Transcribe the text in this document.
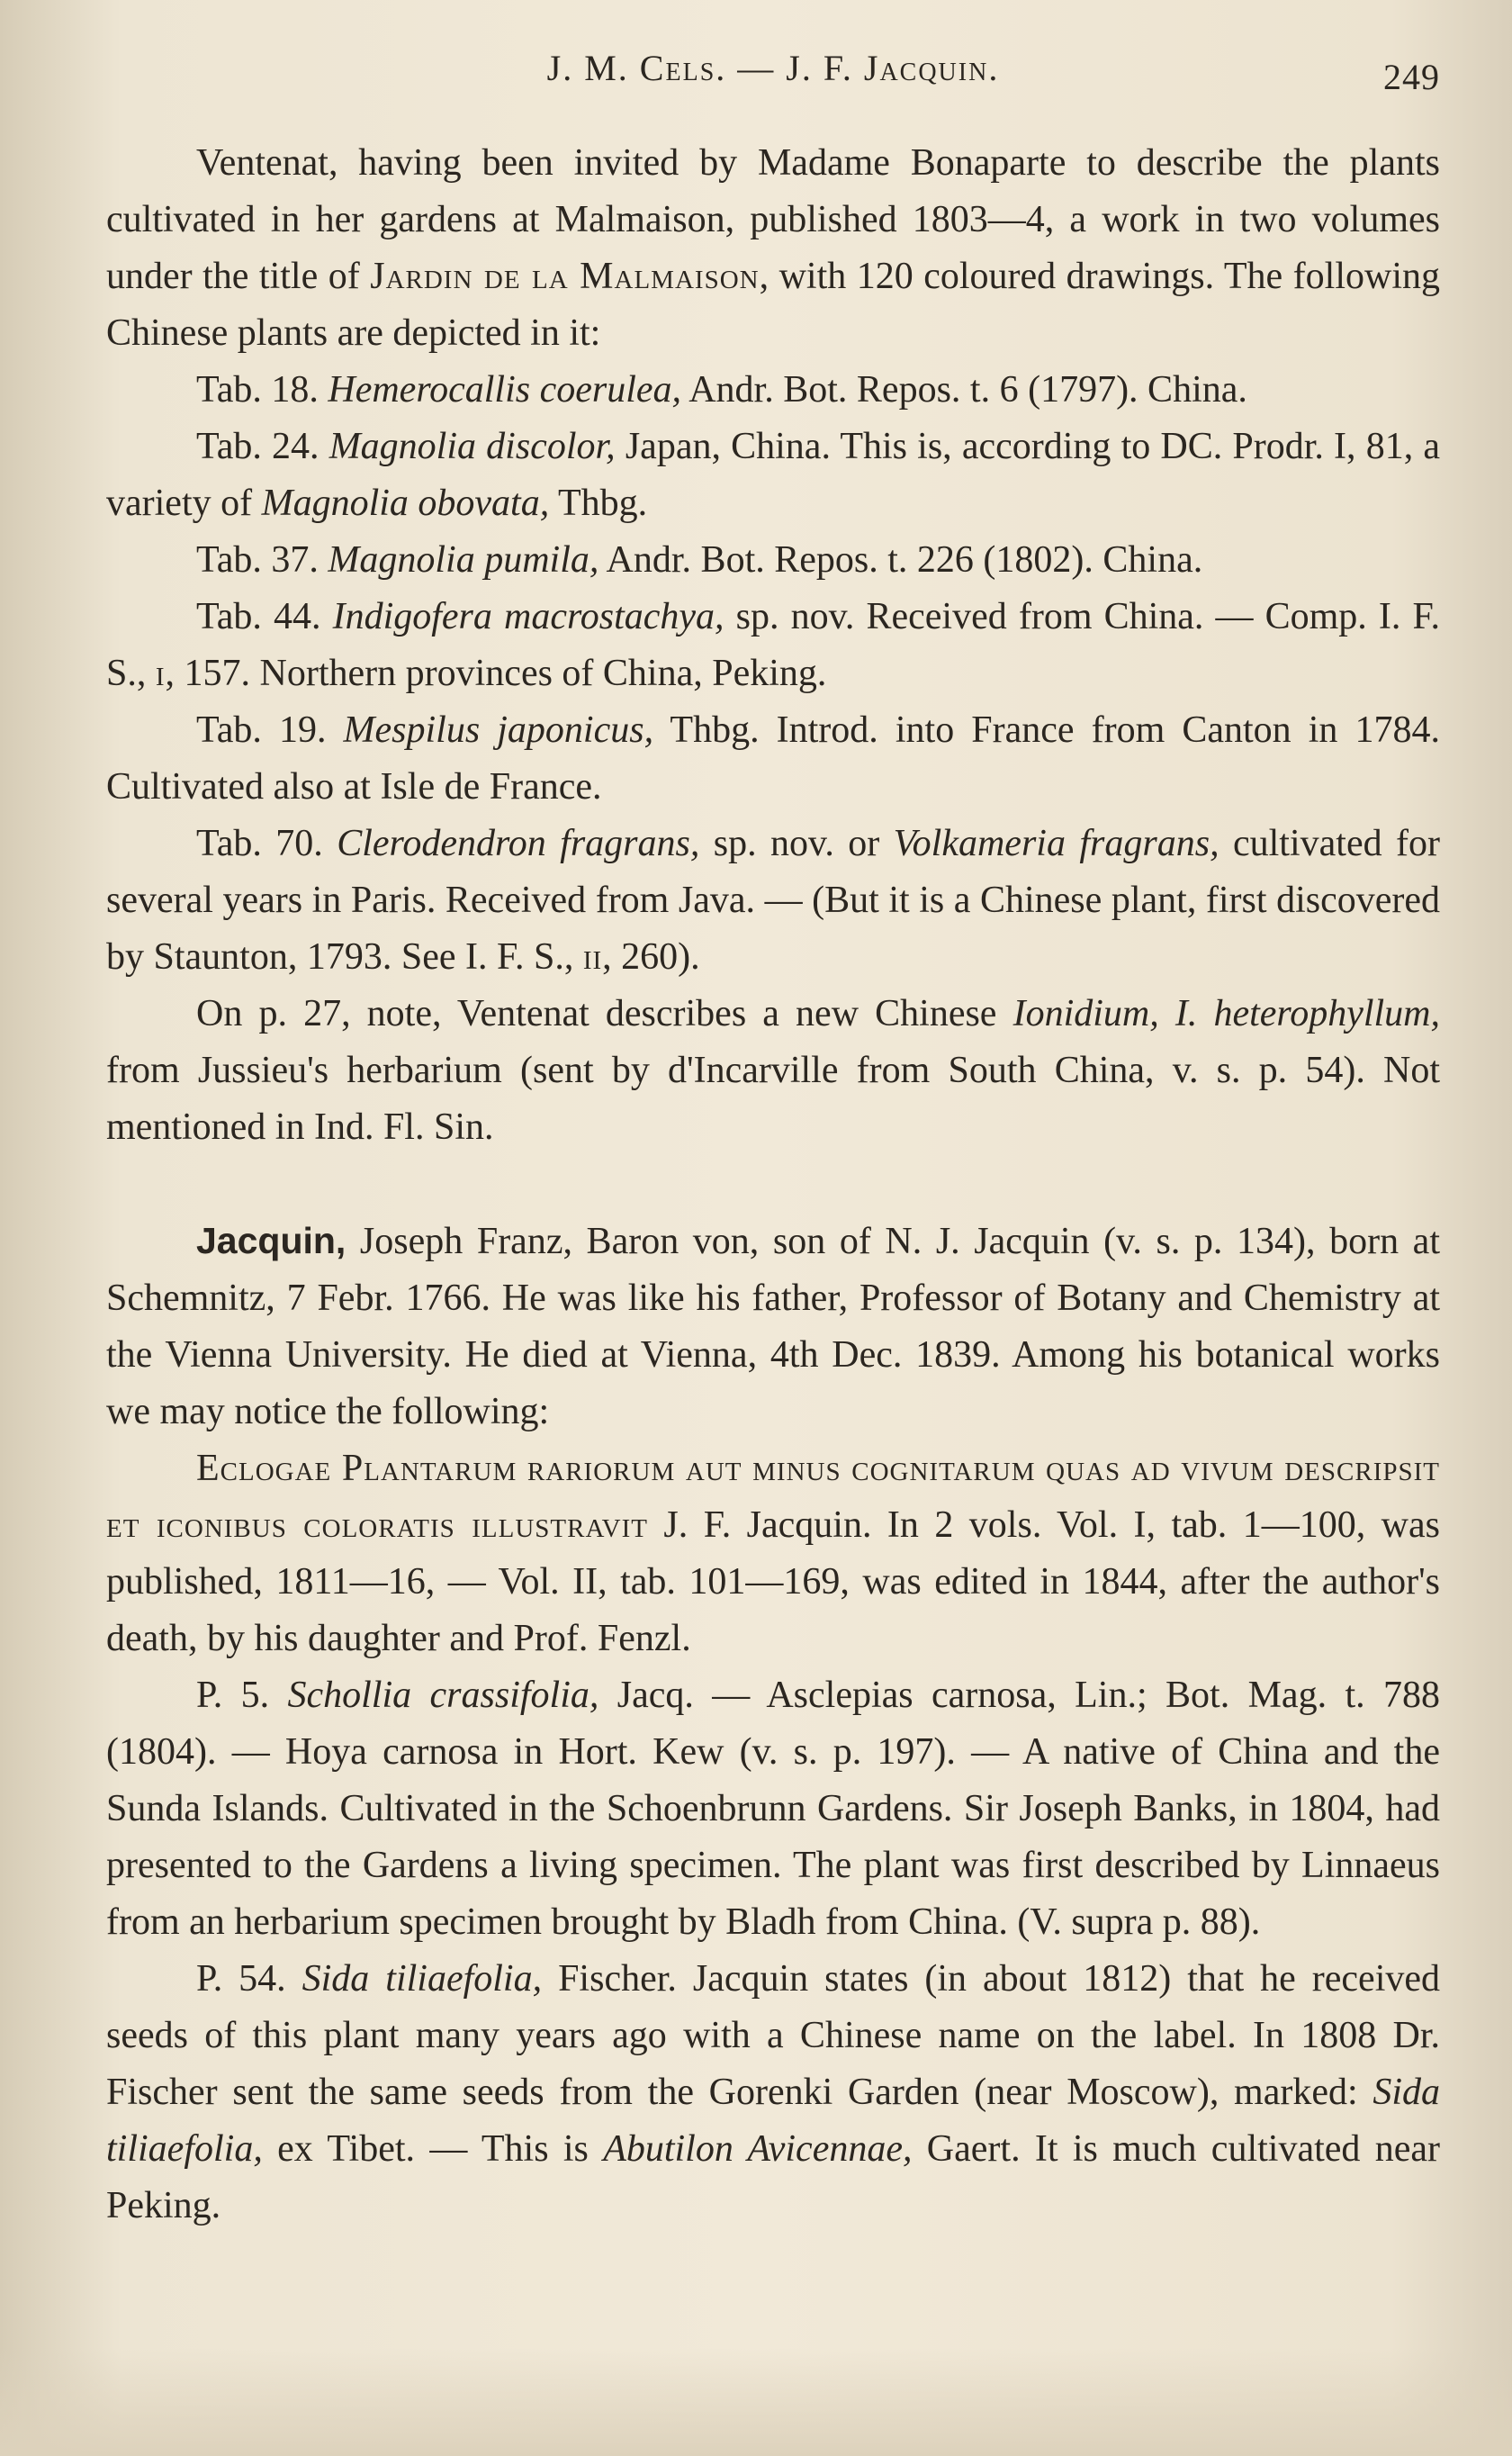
J. M. Cels. — J. F. Jacquin.	249

Ventenat, having been invited by Madame Bonaparte to describe the plants cultivated in her gardens at Malmaison, published 1803—4, a work in two volumes under the title of Jardin de la Malmaison, with 120 coloured drawings. The following Chinese plants are depicted in it:

Tab. 18. Hemerocallis coerulea, Andr. Bot. Repos. t. 6 (1797). China.

Tab. 24. Magnolia discolor, Japan, China. This is, according to DC. Prodr. I, 81, a variety of Magnolia obovata, Thbg.

Tab. 37. Magnolia pumila, Andr. Bot. Repos. t. 226 (1802). China.

Tab. 44. Indigofera macrostachya, sp. nov. Received from China. — Comp. I. F. S., i, 157. Northern provinces of China, Peking.

Tab. 19. Mespilus japonicus, Thbg. Introd. into France from Canton in 1784. Cultivated also at Isle de France.

Tab. 70. Clerodendron fragrans, sp. nov. or Volkameria fragrans, cultivated for several years in Paris. Received from Java. — (But it is a Chinese plant, first discovered by Staunton, 1793. See I. F. S., ii, 260).

On p. 27, note, Ventenat describes a new Chinese Ionidium, I. heterophyllum, from Jussieu's herbarium (sent by d'Incarville from South China, v. s. p. 54). Not mentioned in Ind. Fl. Sin.

Jacquin, Joseph Franz, Baron von, son of N. J. Jacquin (v. s. p. 134), born at Schemnitz, 7 Febr. 1766. He was like his father, Professor of Botany and Chemistry at the Vienna University. He died at Vienna, 4th Dec. 1839. Among his botanical works we may notice the following:

Eclogae Plantarum rariorum aut minus cognitarum quas ad vivum descripsit et iconibus coloratis illustravit J. F. Jacquin. In 2 vols. Vol. I, tab. 1—100, was published, 1811—16, — Vol. II, tab. 101—169, was edited in 1844, after the author's death, by his daughter and Prof. Fenzl.

P. 5. Schollia crassifolia, Jacq. — Asclepias carnosa, Lin.; Bot. Mag. t. 788 (1804). — Hoya carnosa in Hort. Kew (v. s. p. 197). — A native of China and the Sunda Islands. Cultivated in the Schoenbrunn Gardens. Sir Joseph Banks, in 1804, had presented to the Gardens a living specimen. The plant was first described by Linnaeus from an herbarium specimen brought by Bladh from China. (V. supra p. 88).

P. 54. Sida tiliaefolia, Fischer. Jacquin states (in about 1812) that he received seeds of this plant many years ago with a Chinese name on the label. In 1808 Dr. Fischer sent the same seeds from the Gorenki Garden (near Moscow), marked: Sida tiliaefolia, ex Tibet. — This is Abutilon Avicennae, Gaert. It is much cultivated near Peking.
